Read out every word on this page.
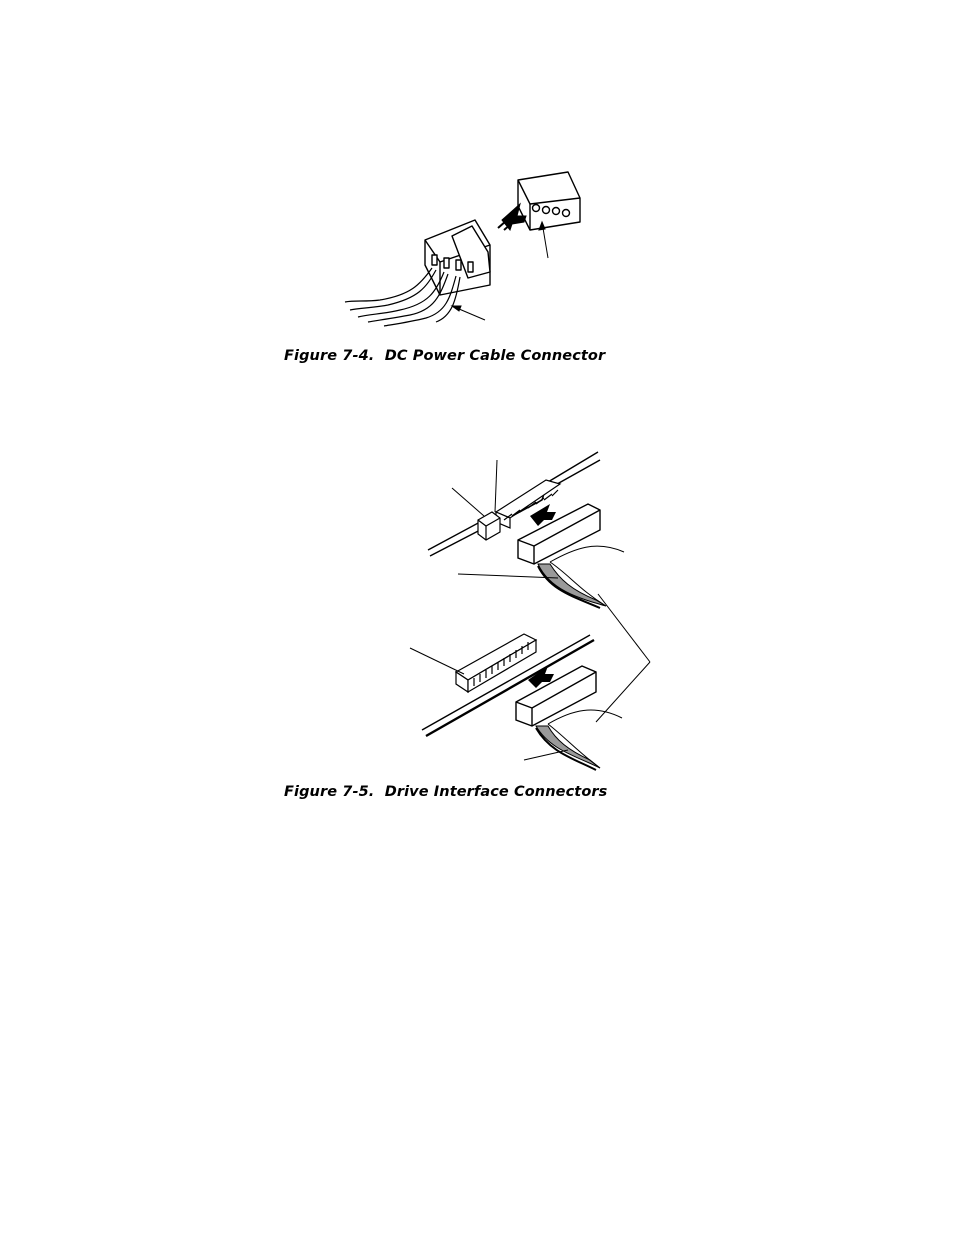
Figure 7-4.  DC Power Cable Connector
Figure 7-5.  Drive Interface Connectors
